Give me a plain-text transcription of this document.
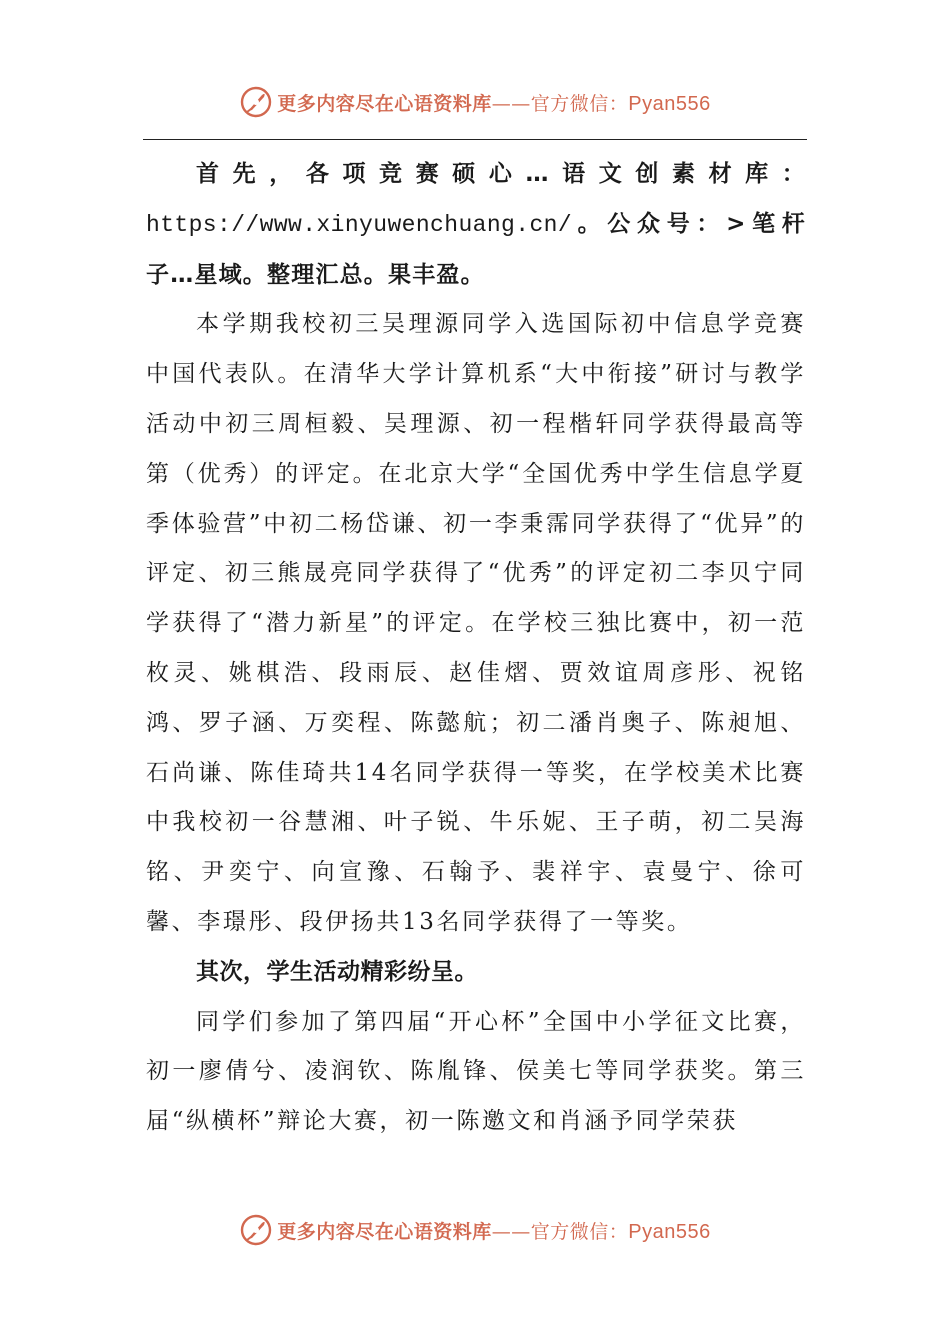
更多内容尽在心语资料库——官方微信：Pyan556

首先，各项竞赛硕心…语文创素材库：https://www.xinyuwenchuang.cn/。公众号：>笔杆子…星域。整理汇总。果丰盈。

本学期我校初三吴理源同学入选国际初中信息学竞赛中国代表队。在清华大学计算机系“大中衔接”研讨与教学活动中初三周桓毅、吴理源、初一程楷轩同学获得最高等第（优秀）的评定。在北京大学“全国优秀中学生信息学夏季体验营”中初二杨岱谦、初一李秉霈同学获得了“优异”的评定、初三熊晟亮同学获得了“优秀”的评定初二李贝宁同学获得了“潜力新星”的评定。在学校三独比赛中，初一范枚灵、姚棋浩、段雨辰、赵佳熠、贾效谊周彦彤、祝铭鸿、罗子涵、万奕程、陈懿航；初二潘肖奥子、陈昶旭、石尚谦、陈佳琦共14名同学获得一等奖，在学校美术比赛中我校初一谷慧湘、叶子锐、牛乐妮、王子萌，初二吴海铭、尹奕宁、向宣豫、石翰予、裴祥宇、袁曼宁、徐可馨、李璟彤、段伊扬共13名同学获得了一等奖。

其次，学生活动精彩纷呈。

同学们参加了第四届“开心杯”全国中小学征文比赛，初一廖倩兮、凌润钦、陈胤锋、侯美七等同学获奖。第三届“纵横杯”辩论大赛，初一陈邀文和肖涵予同学荣获

更多内容尽在心语资料库——官方微信：Pyan556
